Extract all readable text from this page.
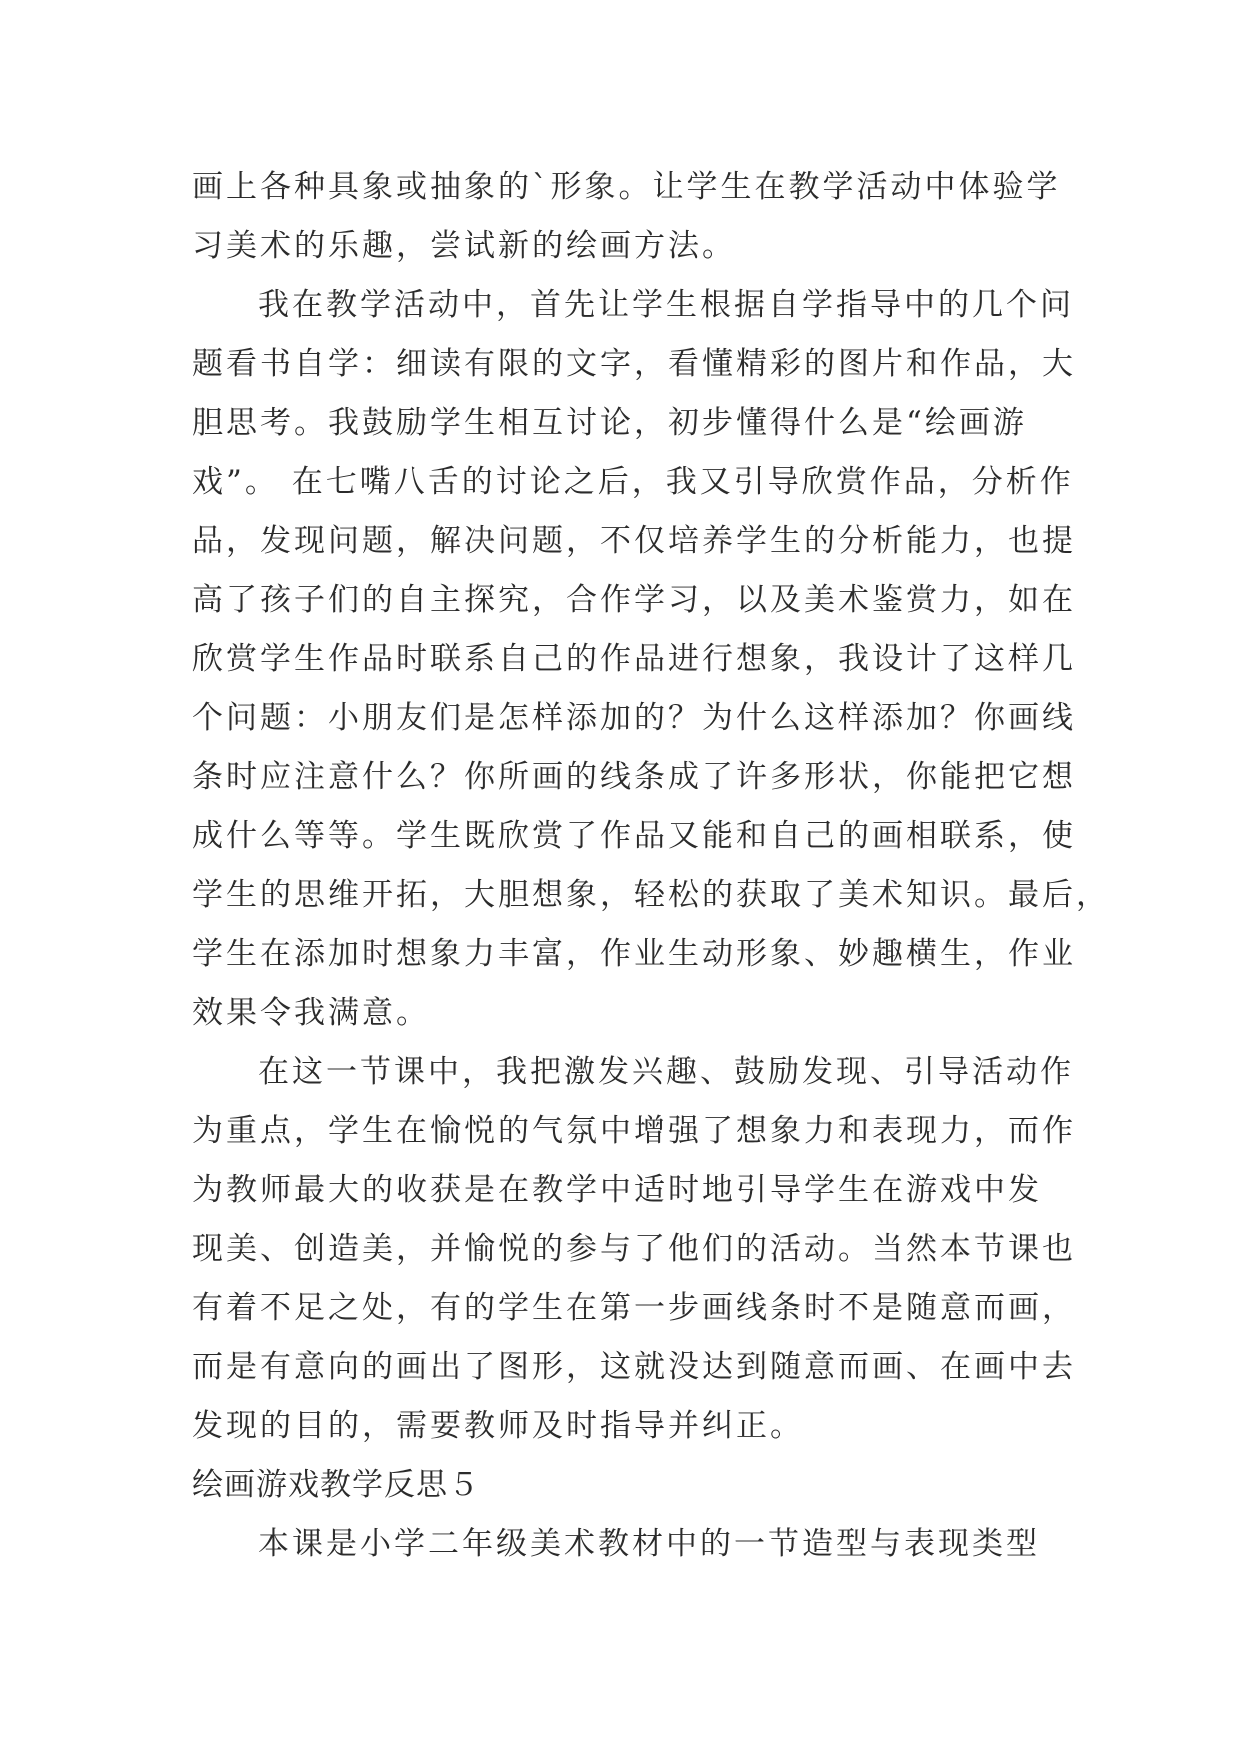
画上各种具象或抽象的`形象。让学生在教学活动中体验学
习美术的乐趣，尝试新的绘画方法。
我在教学活动中，首先让学生根据自学指导中的几个问
题看书自学：细读有限的文字，看懂精彩的图片和作品，大
胆思考。我鼓励学生相互讨论，初步懂得什么是“绘画游
戏”。 在七嘴八舌的讨论之后，我又引导欣赏作品，分析作
品，发现问题，解决问题，不仅培养学生的分析能力，也提
高了孩子们的自主探究，合作学习，以及美术鉴赏力，如在
欣赏学生作品时联系自己的作品进行想象，我设计了这样几
个问题：小朋友们是怎样添加的？为什么这样添加？你画线
条时应注意什么？你所画的线条成了许多形状，你能把它想
成什么等等。学生既欣赏了作品又能和自己的画相联系，使
学生的思维开拓，大胆想象，轻松的获取了美术知识。最后，
学生在添加时想象力丰富，作业生动形象、妙趣横生，作业
效果令我满意。
在这一节课中，我把激发兴趣、鼓励发现、引导活动作
为重点，学生在愉悦的气氛中增强了想象力和表现力，而作
为教师最大的收获是在教学中适时地引导学生在游戏中发
现美、创造美，并愉悦的参与了他们的活动。当然本节课也
有着不足之处，有的学生在第一步画线条时不是随意而画，
而是有意向的画出了图形，这就没达到随意而画、在画中去
发现的目的，需要教师及时指导并纠正。
绘画游戏教学反思５
本课是小学二年级美术教材中的一节造型与表现类型
